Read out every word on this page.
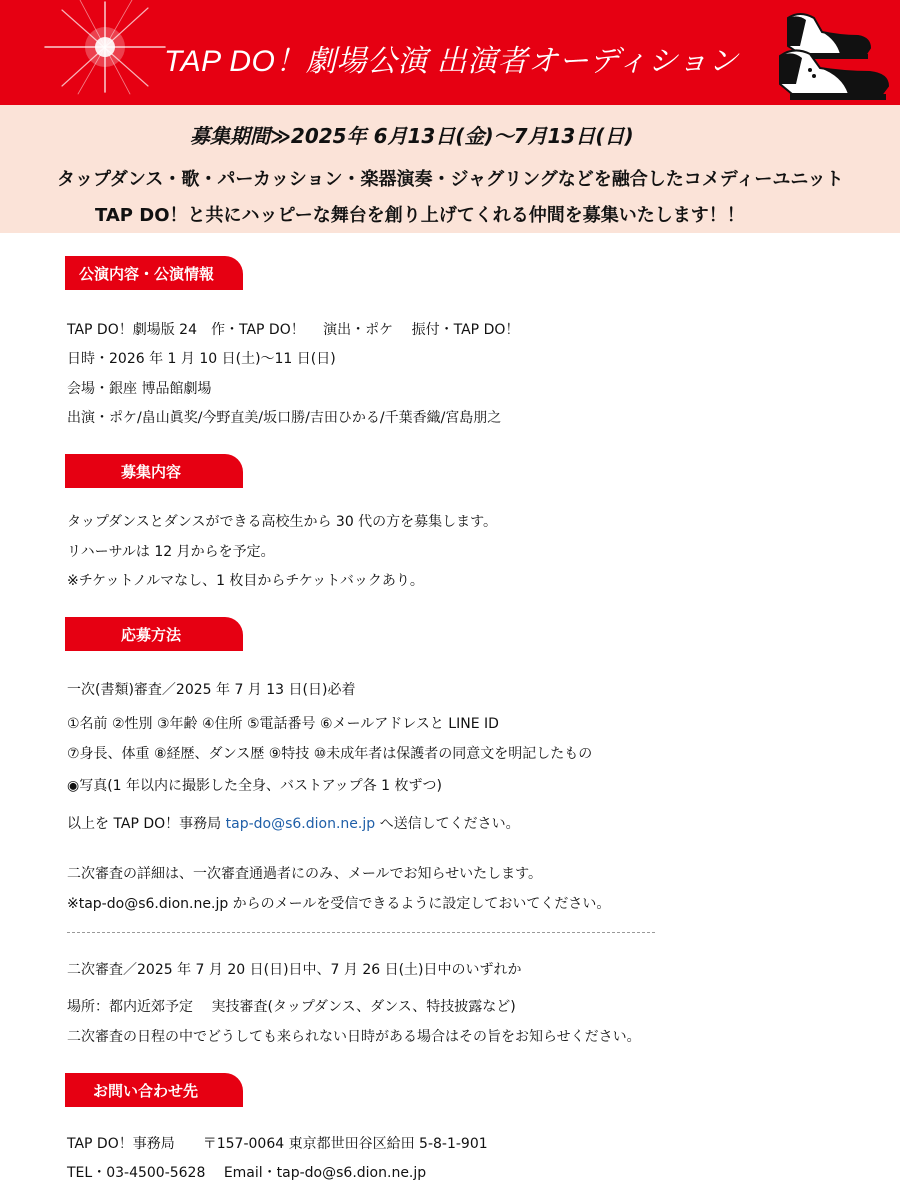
TAP DO！劇場公演 出演者オーディション
募集期間≫2025年 6月13日(金)～7月13日(日)
タップダンス・歌・パーカッション・楽器演奏・ジャグリングなどを融合したコメディーユニット
TAP DO！と共にハッピーな舞台を創り上げてくれる仲間を募集いたします！！
公演内容・公演情報
TAP DO！劇場版 24　作・TAP DO！　 演出・ポケ　 振付・TAP DO！
日時・2026 年 1 月 10 日(土)～11 日(日)
会場・銀座 博品館劇場
出演・ポケ/畠山眞奖/今野直美/坂口勝/吉田ひかる/千葉香織/宮島朋之
募集内容
タップダンスとダンスができる高校生から 30 代の方を募集します。
リハーサルは 12 月からを予定。
※チケットノルマなし、1 枚目からチケットバックあり。
応募方法
一次(書類)審査／2025 年 7 月 13 日(日)必着
①名前 ②性別 ③年齢 ④住所 ⑤電話番号 ⑥メールアドレスと LINE ID
⑦身長、体重 ⑧経歴、ダンス歴 ⑨特技 ⑩未成年者は保護者の同意文を明記したもの
◉写真(1 年以内に撮影した全身、バストアップ各 1 枚ずつ)
以上を TAP DO！事務局 tap-do@s6.dion.ne.jp へ送信してください。
二次審査の詳細は、一次審査通過者にのみ、メールでお知らせいたします。
※tap-do@s6.dion.ne.jp からのメールを受信できるように設定しておいてください。
二次審査／2025 年 7 月 20 日(日)日中、7 月 26 日(土)日中のいずれか
場所：都内近郊予定　 実技審査(タップダンス、ダンス、特技披露など)
二次審査の日程の中でどうしても来られない日時がある場合はその旨をお知らせください。
お問い合わせ先
TAP DO！事務局　　〒157-0064 東京都世田谷区給田 5-8-1-901
TEL・03-4500-5628　 Email・tap-do@s6.dion.ne.jp
